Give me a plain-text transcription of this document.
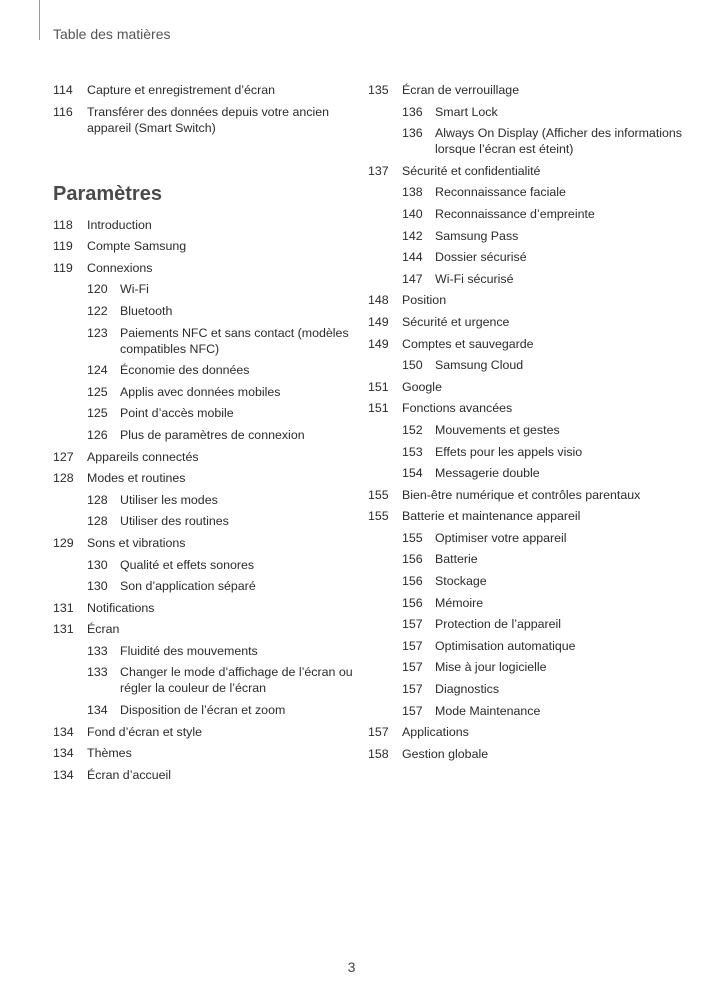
Table des matières
114	Capture et enregistrement d’écran
116	Transférer des données depuis votre ancien appareil (Smart Switch)
Paramètres
118	Introduction
119	Compte Samsung
119	Connexions
120 Wi-Fi
122 Bluetooth
123 Paiements NFC et sans contact (modèles compatibles NFC)
124 Économie des données
125 Applis avec données mobiles
125 Point d’accès mobile
126 Plus de paramètres de connexion
127	Appareils connectés
128	Modes et routines
128 Utiliser les modes
128 Utiliser des routines
129	Sons et vibrations
130 Qualité et effets sonores
130 Son d’application séparé
131	Notifications
131	Écran
133 Fluidité des mouvements
133 Changer le mode d’affichage de l’écran ou régler la couleur de l’écran
134 Disposition de l’écran et zoom
134	Fond d’écran et style
134	Thèmes
134	Écran d’accueil
135	Écran de verrouillage
136 Smart Lock
136 Always On Display (Afficher des informations lorsque l’écran est éteint)
137	Sécurité et confidentialité
138 Reconnaissance faciale
140 Reconnaissance d’empreinte
142 Samsung Pass
144 Dossier sécurisé
147 Wi-Fi sécurisé
148	Position
149	Sécurité et urgence
149	Comptes et sauvegarde
150 Samsung Cloud
151	Google
151	Fonctions avancées
152 Mouvements et gestes
153 Effets pour les appels visio
154 Messagerie double
155	Bien-être numérique et contrôles parentaux
155	Batterie et maintenance appareil
155 Optimiser votre appareil
156 Batterie
156 Stockage
156 Mémoire
157 Protection de l’appareil
157 Optimisation automatique
157 Mise à jour logicielle
157 Diagnostics
157 Mode Maintenance
157	Applications
158	Gestion globale
3
